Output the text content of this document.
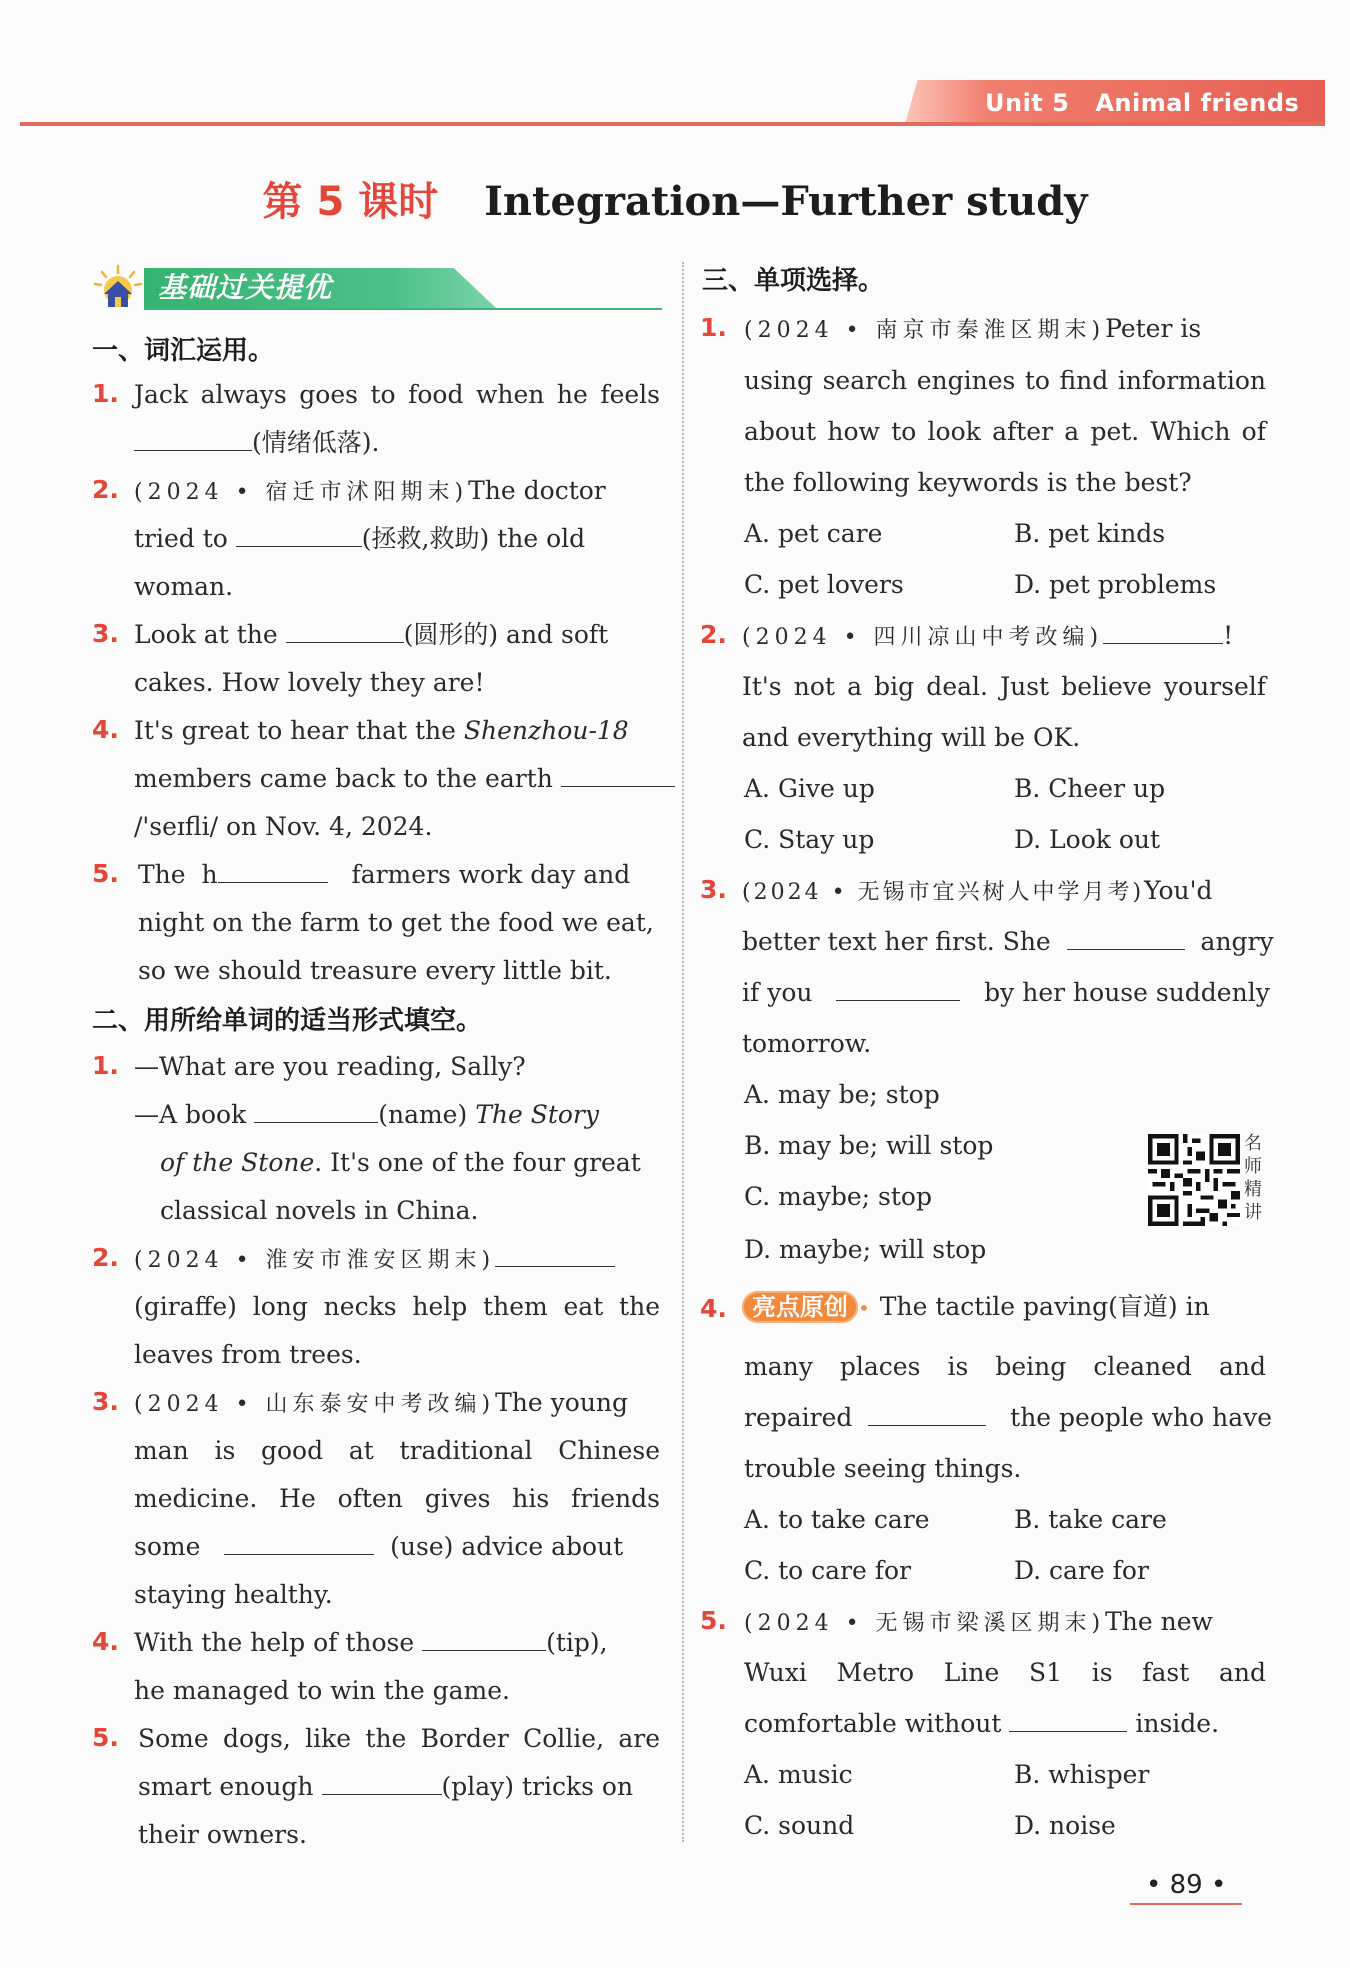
Unit 5 Animal friends
第 5 课时 Integration—Further study
基础过关提优
一、词汇运用。
1. Jack always goes to food when he feels
(情绪低落).
2. (2024 • 宿迁市沭阳期末)The doctor
tried to	(拯救,救助) the old
woman.
3. Look at the	(圆形的) and soft
cakes. How lovely they are!
4. It's great to hear that the Shenzhou-18
members came back to the earth
/'seɪfli/ on Nov. 4, 2024.
5. The h	farmers work day and
night on the farm to get the food we eat,
so we should treasure every little bit.
二、用所给单词的适当形式填空。
1. —What are you reading, Sally?
—A book	(name) The Story
of the Stone. It's one of the four great
classical novels in China.
2. (2024 • 淮安市淮安区期末)
(giraffe) long necks help them eat the
leaves from trees.
3. (2024 • 山东泰安中考改编)The young
man is good at traditional Chinese
medicine. He often gives his friends
some	(use) advice about
staying healthy.
4. With the help of those	(tip),
he managed to win the game.
5. Some dogs, like the Border Collie, are
smart enough	(play) tricks on
their owners.
三、单项选择。
1. (2024 • 南京市秦淮区期末)Peter is
using search engines to find information
about how to look after a pet. Which of
the following keywords is the best?
A. pet care	B. pet kinds
C. pet lovers	D. pet problems
2. (2024 • 四川凉山中考改编)	!
It's not a big deal. Just believe yourself
and everything will be OK.
A. Give up	B. Cheer up
C. Stay up	D. Look out
3. (2024 • 无锡市宜兴树人中学月考)You'd
better text her first. She	angry
if you	by her house suddenly
tomorrow.
A. may be; stop
B. may be; will stop
C. maybe; stop
D. maybe; will stop
名师精讲
4.	亮点原创 • The tactile paving(盲道) in
many places is being cleaned and
repaired	the people who have
trouble seeing things.
A. to take care	B. take care
C. to care for	D. care for
5. (2024 • 无锡市梁溪区期末)The new
Wuxi Metro Line S1 is fast and
comfortable without	inside.
A. music	B. whisper
C. sound	D. noise
• 89 •
